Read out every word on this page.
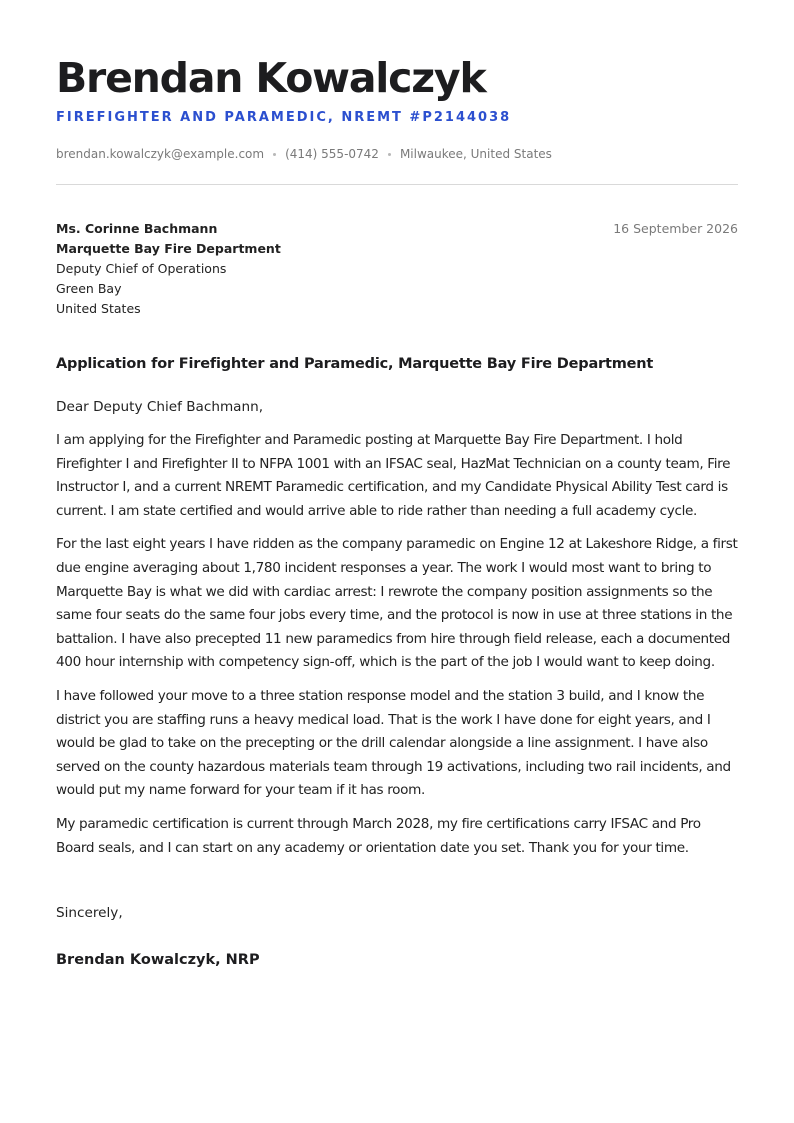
Brendan Kowalczyk
FIREFIGHTER AND PARAMEDIC, NREMT #P2144038
brendan.kowalczyk@example.com (414) 555-0742 Milwaukee, United States
Ms. Corinne Bachmann
Marquette Bay Fire Department
Deputy Chief of Operations
Green Bay
United States
16 September 2026
Application for Firefighter and Paramedic, Marquette Bay Fire Department
Dear Deputy Chief Bachmann,
I am applying for the Firefighter and Paramedic posting at Marquette Bay Fire Department. I hold Firefighter I and Firefighter II to NFPA 1001 with an IFSAC seal, HazMat Technician on a county team, Fire Instructor I, and a current NREMT Paramedic certification, and my Candidate Physical Ability Test card is current. I am state certified and would arrive able to ride rather than needing a full academy cycle.
For the last eight years I have ridden as the company paramedic on Engine 12 at Lakeshore Ridge, a first due engine averaging about 1,780 incident responses a year. The work I would most want to bring to Marquette Bay is what we did with cardiac arrest: I rewrote the company position assignments so the same four seats do the same four jobs every time, and the protocol is now in use at three stations in the battalion. I have also precepted 11 new paramedics from hire through field release, each a documented 400 hour internship with competency sign-off, which is the part of the job I would want to keep doing.
I have followed your move to a three station response model and the station 3 build, and I know the district you are staffing runs a heavy medical load. That is the work I have done for eight years, and I would be glad to take on the precepting or the drill calendar alongside a line assignment. I have also served on the county hazardous materials team through 19 activations, including two rail incidents, and would put my name forward for your team if it has room.
My paramedic certification is current through March 2028, my fire certifications carry IFSAC and Pro Board seals, and I can start on any academy or orientation date you set. Thank you for your time.
Sincerely,
Brendan Kowalczyk, NRP
